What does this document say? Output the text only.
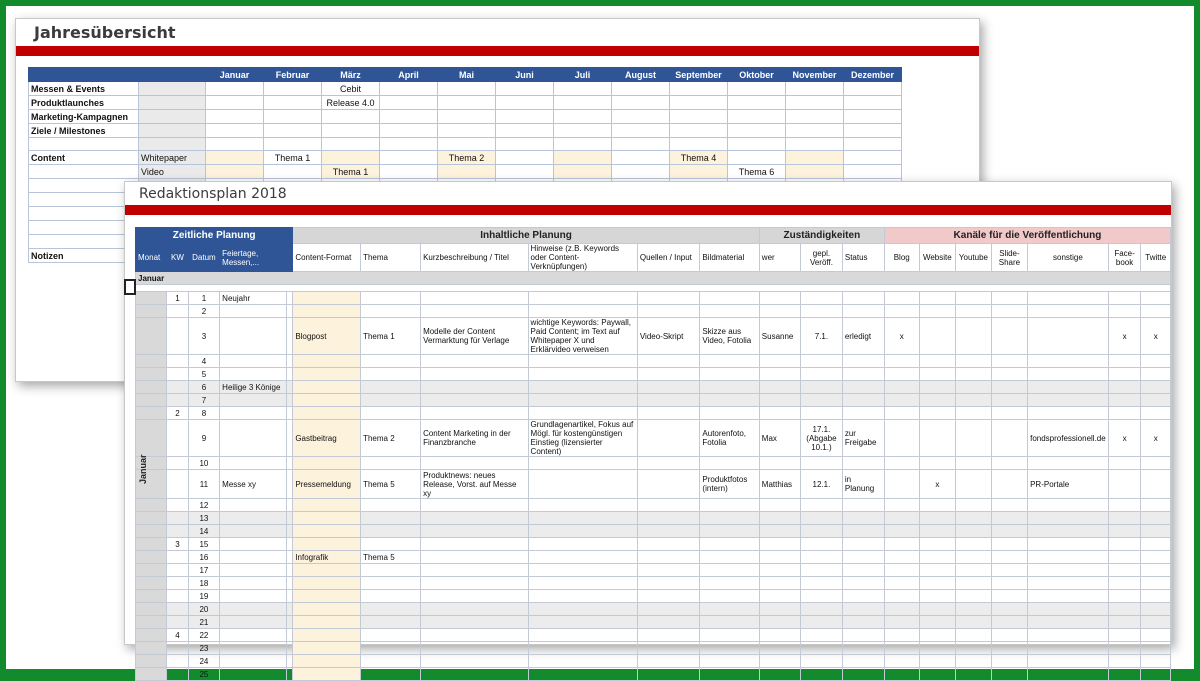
Jahresübersicht
		Januar	Februar	März	April	Mai	Juni	Juli	August	September	Oktober	November	Dezember
Messen & Events				Cebit									
Produktlaunches				Release 4.0									
Marketing-Kampagnen													
Ziele / Milestones													

Content	Whitepaper		Thema 1			Thema 2				Thema 4			
	Video			Thema 1							Thema 6		

Notizen													
Redaktionsplan 2018
Zeitliche Planung					Inhaltliche Planung						Zuständigkeiten			Kanäle für die Veröffentlichung						
Monat	KW	Datum	Feiertage, Messen,...		Content-Format	Thema	Kurzbeschreibung / Titel	Hinweise (z.B. Keywords oder Content-Verknüpfungen)	Quellen / Input	Bildmaterial	wer	gepl. Veröff.	Status	Blog	Website	Youtube	Slide-Share	sonstige	Face-book	Twitte
Januar																				

	1	1	Neujahr																	
		2																		
		3			Blogpost	Thema 1	Modelle der Content Vermarktung für Verlage	wichtige Keywords: Paywall, Paid Content; im Text auf Whitepaper X und Erklärvideo verweisen	Video-Skript	Skizze aus Video, Fotolia	Susanne	7.1.	erledigt	x					x	x
		4																		
		5																		
		6	Heilige 3 Könige																	
		7																		
	2	8																		
		9			Gastbeitrag	Thema 2	Content Marketing in der Finanzbranche	Grundlagenartikel, Fokus auf Mögl. für kostengünstigen Einstieg (lizensierter Content)		Autorenfoto, Fotolia	Max	17.1. (Abgabe 10.1.)	zur Freigabe					fondsprofessionell.de	x	x
		10																		
		11	Messe xy		Pressemeldung	Thema 5	Produktnews: neues Release, Vorst. auf Messe xy			Produktfotos (intern)	Matthias	12.1.	in Planung		x			PR-Portale		
		12																		
		13																		
		14																		
	3	15																		
		16			Infografik	Thema 5														
		17																		
		18																		
		19																		
		20																		
		21																		
	4	22																		
		23																		
		24																		
		25																		
Januar
